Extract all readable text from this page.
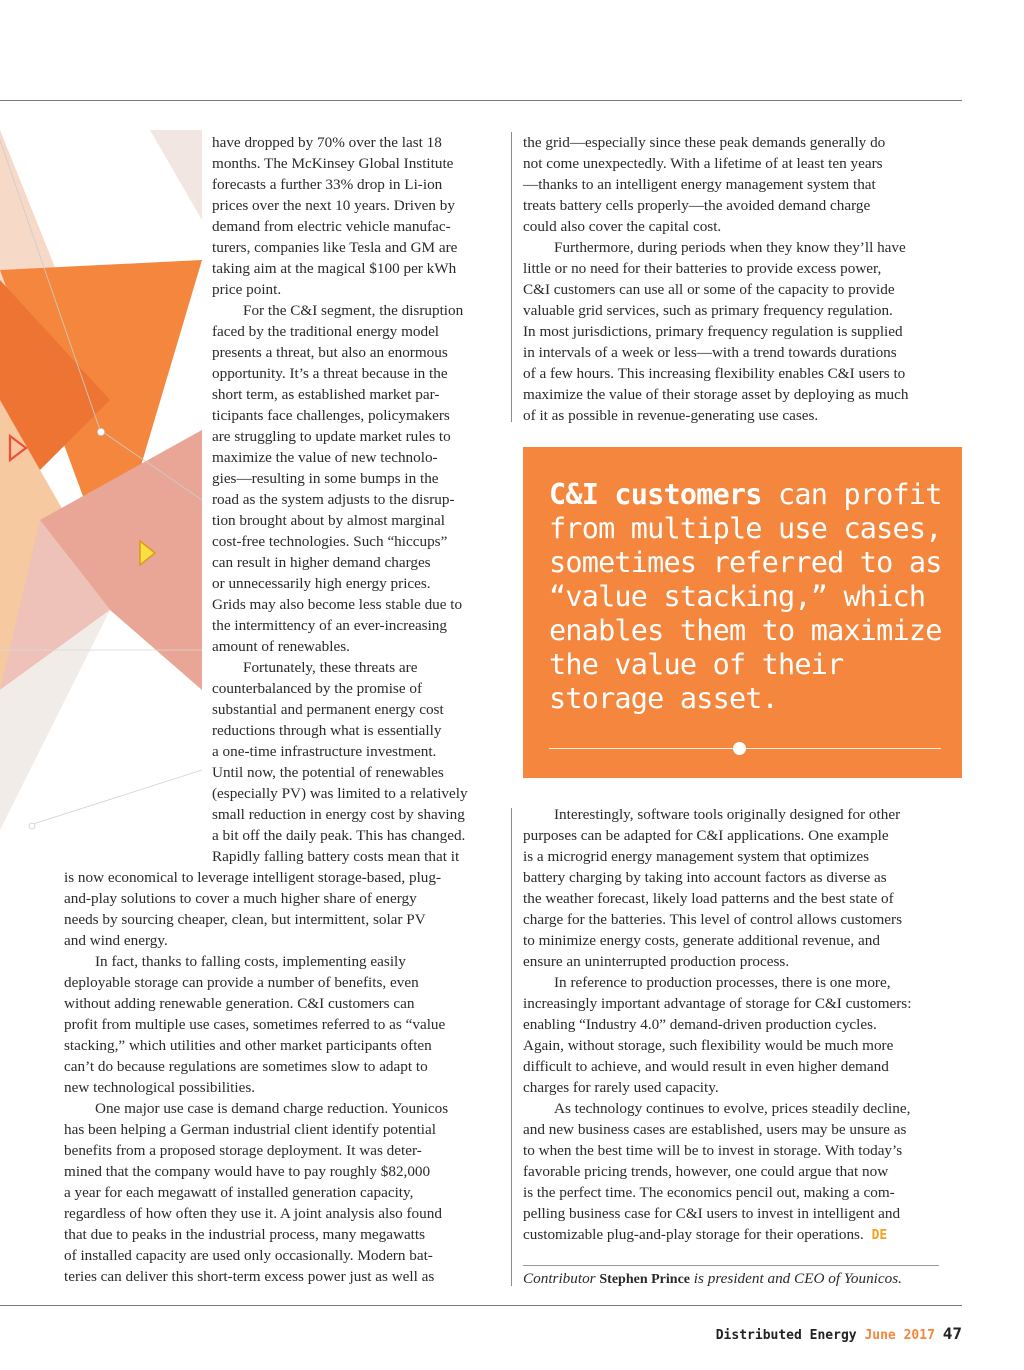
have dropped by 70% over the last 18
months. The McKinsey Global Institute
forecasts a further 33% drop in Li-ion
prices over the next 10 years. Driven by
demand from electric vehicle manufac-
turers, companies like Tesla and GM are
taking aim at the magical $100 per kWh
price point.
For the C&I segment, the disruption
faced by the traditional energy model
presents a threat, but also an enormous
opportunity. It’s a threat because in the
short term, as established market par-
ticipants face challenges, policymakers
are struggling to update market rules to
maximize the value of new technolo-
gies—resulting in some bumps in the
road as the system adjusts to the disrup-
tion brought about by almost marginal
cost-free technologies. Such “hiccups”
can result in higher demand charges
or unnecessarily high energy prices.
Grids may also become less stable due to
the intermittency of an ever-increasing
amount of renewables.
Fortunately, these threats are
counterbalanced by the promise of
substantial and permanent energy cost
reductions through what is essentially
a one-time infrastructure investment.
Until now, the potential of renewables
(especially PV) was limited to a relatively
small reduction in energy cost by shaving
a bit off the daily peak. This has changed.
Rapidly falling battery costs mean that it
is now economical to leverage intelligent storage-based, plug-
and-play solutions to cover a much higher share of energy
needs by sourcing cheaper, clean, but intermittent, solar PV
and wind energy.
In fact, thanks to falling costs, implementing easily
deployable storage can provide a number of benefits, even
without adding renewable generation. C&I customers can
profit from multiple use cases, sometimes referred to as “value
stacking,” which utilities and other market participants often
can’t do because regulations are sometimes slow to adapt to
new technological possibilities.
One major use case is demand charge reduction. Younicos
has been helping a German industrial client identify potential
benefits from a proposed storage deployment. It was deter-
mined that the company would have to pay roughly $82,000
a year for each megawatt of installed generation capacity,
regardless of how often they use it. A joint analysis also found
that due to peaks in the industrial process, many megawatts
of installed capacity are used only occasionally. Modern bat-
teries can deliver this short-term excess power just as well as
the grid—especially since these peak demands generally do
not come unexpectedly. With a lifetime of at least ten years
—thanks to an intelligent energy management system that
treats battery cells properly—the avoided demand charge
could also cover the capital cost.
Furthermore, during periods when they know they’ll have
little or no need for their batteries to provide excess power,
C&I customers can use all or some of the capacity to provide
valuable grid services, such as primary frequency regulation.
In most jurisdictions, primary frequency regulation is supplied
in intervals of a week or less—with a trend towards durations
of a few hours. This increasing flexibility enables C&I users to
maximize the value of their storage asset by deploying as much
of it as possible in revenue-generating use cases.
C&I customers can profit from multiple use cases, sometimes referred to as “value stacking,” which enables them to maximize the value of their storage asset.
Interestingly, software tools originally designed for other
purposes can be adapted for C&I applications. One example
is a microgrid energy management system that optimizes
battery charging by taking into account factors as diverse as
the weather forecast, likely load patterns and the best state of
charge for the batteries. This level of control allows customers
to minimize energy costs, generate additional revenue, and
ensure an uninterrupted production process.
In reference to production processes, there is one more,
increasingly important advantage of storage for C&I customers:
enabling “Industry 4.0” demand-driven production cycles.
Again, without storage, such flexibility would be much more
difficult to achieve, and would result in even higher demand
charges for rarely used capacity.
As technology continues to evolve, prices steadily decline,
and new business cases are established, users may be unsure as
to when the best time will be to invest in storage. With today’s
favorable pricing trends, however, one could argue that now
is the perfect time. The economics pencil out, making a com-
pelling business case for C&I users to invest in intelligent and
customizable plug-and-play storage for their operations. DE
Contributor Stephen Prince is president and CEO of Younicos.
Distributed Energy June 2017 47
